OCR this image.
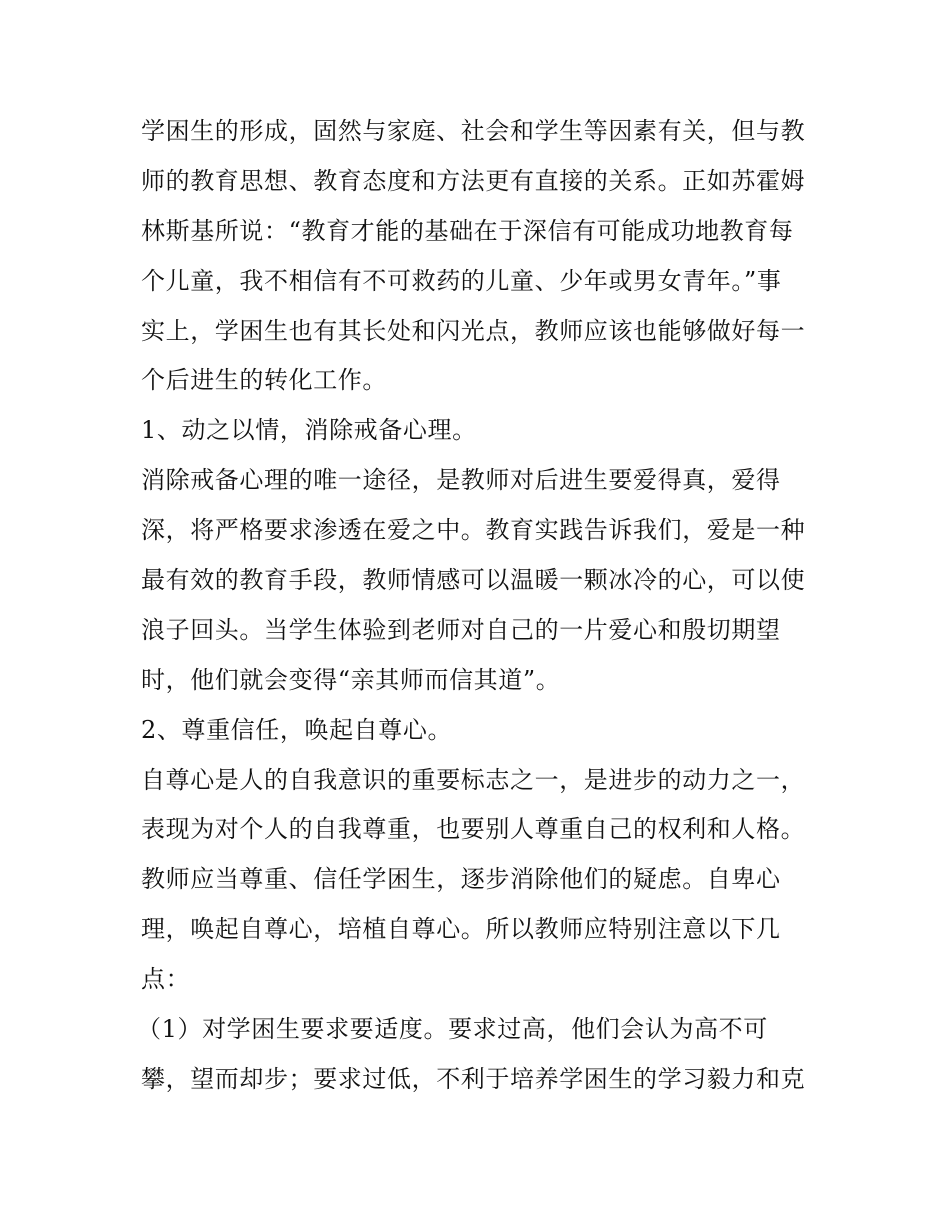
学困生的形成，固然与家庭、社会和学生等因素有关，但与教
师的教育思想、教育态度和方法更有直接的关系。正如苏霍姆
林斯基所说：“教育才能的基础在于深信有可能成功地教育每
个儿童，我不相信有不可救药的儿童、少年或男女青年。”事
实上，学困生也有其长处和闪光点，教师应该也能够做好每一
个后进生的转化工作。
1、动之以情，消除戒备心理。
消除戒备心理的唯一途径，是教师对后进生要爱得真，爱得
深，将严格要求渗透在爱之中。教育实践告诉我们，爱是一种
最有效的教育手段，教师情感可以温暖一颗冰冷的心，可以使
浪子回头。当学生体验到老师对自己的一片爱心和殷切期望
时，他们就会变得“亲其师而信其道”。
2、尊重信任，唤起自尊心。
自尊心是人的自我意识的重要标志之一，是进步的动力之一，
表现为对个人的自我尊重，也要别人尊重自己的权利和人格。
教师应当尊重、信任学困生，逐步消除他们的疑虑。自卑心
理，唤起自尊心，培植自尊心。所以教师应特别注意以下几
点：
（1）对学困生要求要适度。要求过高，他们会认为高不可
攀，望而却步；要求过低，不利于培养学困生的学习毅力和克
